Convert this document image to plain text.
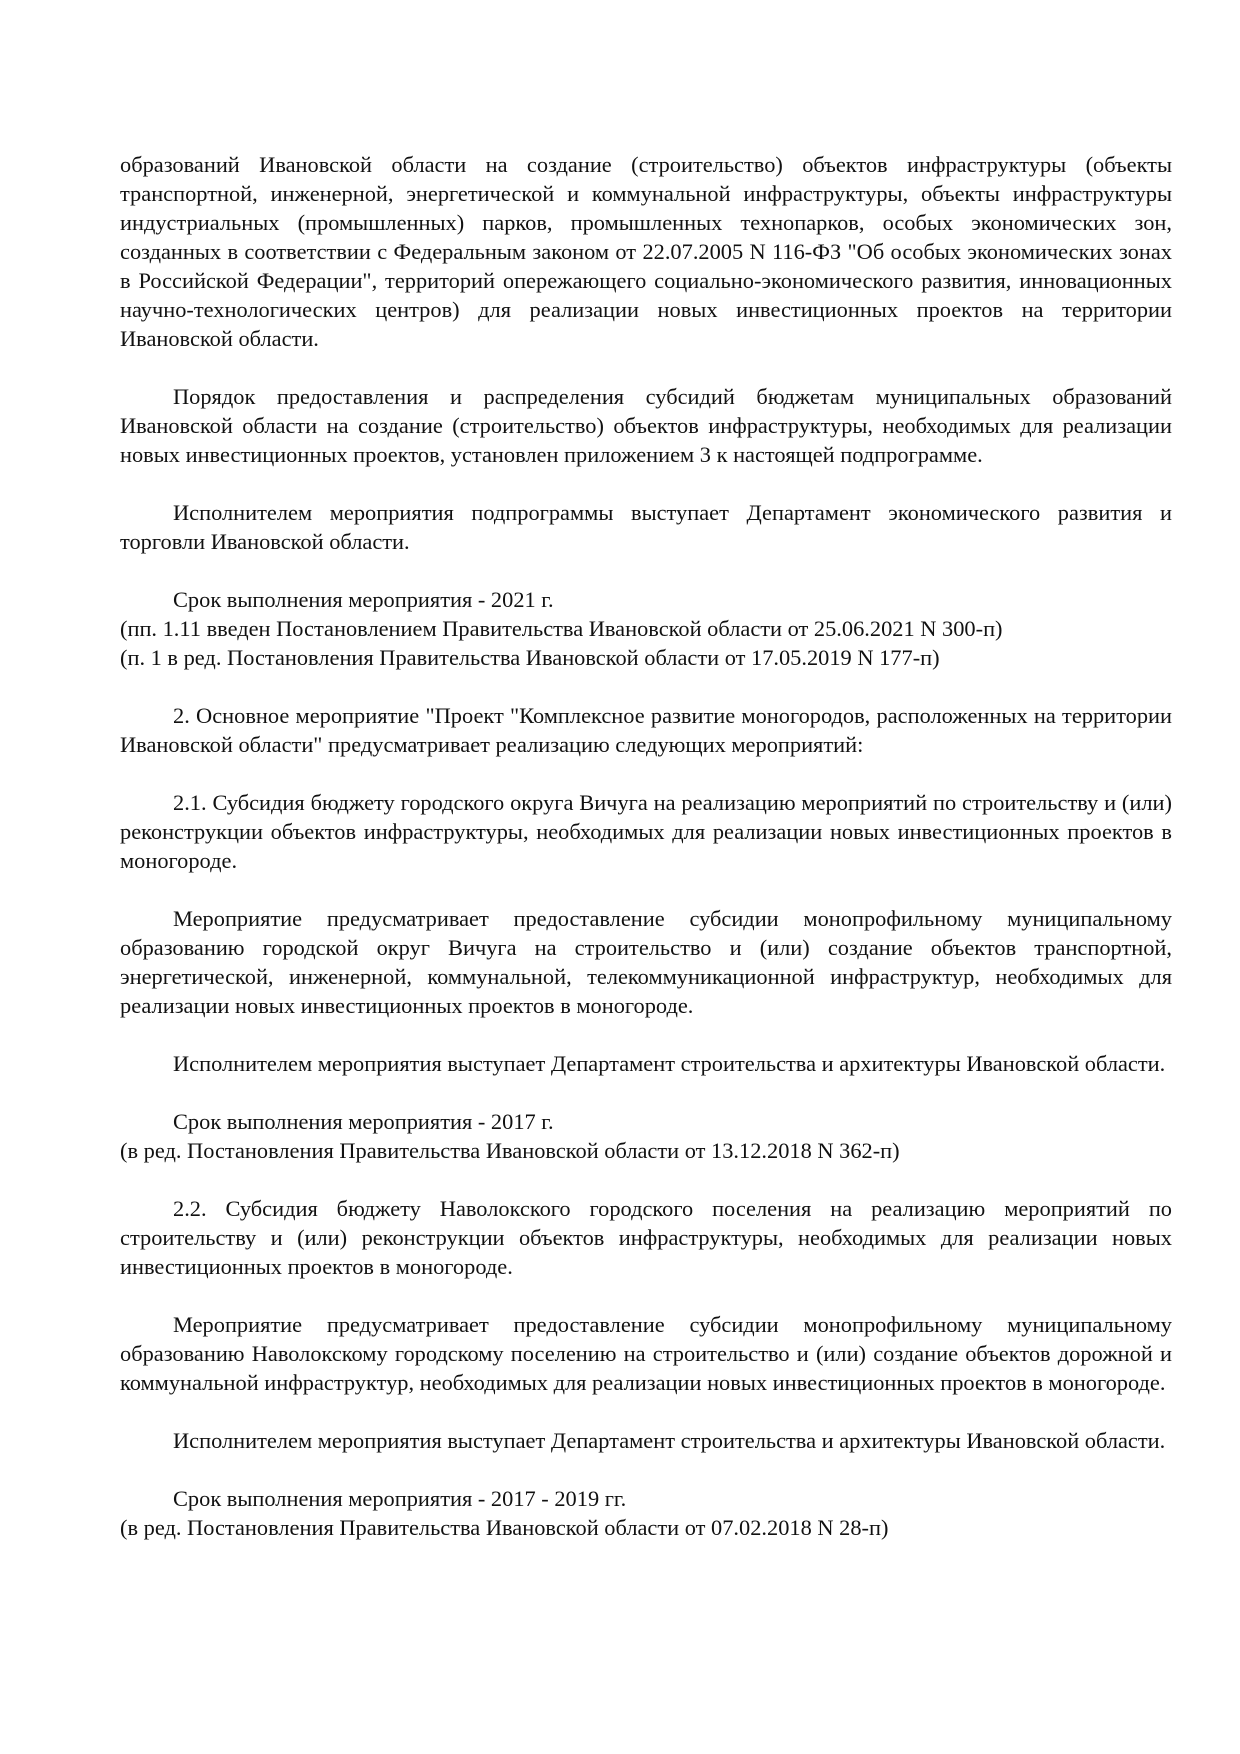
образований Ивановской области на создание (строительство) объектов инфраструктуры (объекты транспортной, инженерной, энергетической и коммунальной инфраструктуры, объекты инфраструктуры индустриальных (промышленных) парков, промышленных технопарков, особых экономических зон, созданных в соответствии с Федеральным законом от 22.07.2005 N 116-ФЗ "Об особых экономических зонах в Российской Федерации", территорий опережающего социально-экономического развития, инновационных научно-технологических центров) для реализации новых инвестиционных проектов на территории Ивановской области.

Порядок предоставления и распределения субсидий бюджетам муниципальных образований Ивановской области на создание (строительство) объектов инфраструктуры, необходимых для реализации новых инвестиционных проектов, установлен приложением 3 к настоящей подпрограмме.

Исполнителем мероприятия подпрограммы выступает Департамент экономического развития и торговли Ивановской области.

Срок выполнения мероприятия - 2021 г.

(пп. 1.11 введен Постановлением Правительства Ивановской области от 25.06.2021 N 300-п)

(п. 1 в ред. Постановления Правительства Ивановской области от 17.05.2019 N 177-п)

2. Основное мероприятие "Проект "Комплексное развитие моногородов, расположенных на территории Ивановской области" предусматривает реализацию следующих мероприятий:

2.1. Субсидия бюджету городского округа Вичуга на реализацию мероприятий по строительству и (или) реконструкции объектов инфраструктуры, необходимых для реализации новых инвестиционных проектов в моногороде.

Мероприятие предусматривает предоставление субсидии монопрофильному муниципальному образованию городской округ Вичуга на строительство и (или) создание объектов транспортной, энергетической, инженерной, коммунальной, телекоммуникационной инфраструктур, необходимых для реализации новых инвестиционных проектов в моногороде.

Исполнителем мероприятия выступает Департамент строительства и архитектуры Ивановской области.

Срок выполнения мероприятия - 2017 г.

(в ред. Постановления Правительства Ивановской области от 13.12.2018 N 362-п)

2.2. Субсидия бюджету Наволокского городского поселения на реализацию мероприятий по строительству и (или) реконструкции объектов инфраструктуры, необходимых для реализации новых инвестиционных проектов в моногороде.

Мероприятие предусматривает предоставление субсидии монопрофильному муниципальному образованию Наволокскому городскому поселению на строительство и (или) создание объектов дорожной и коммунальной инфраструктур, необходимых для реализации новых инвестиционных проектов в моногороде.

Исполнителем мероприятия выступает Департамент строительства и архитектуры Ивановской области.

Срок выполнения мероприятия - 2017 - 2019 гг.

(в ред. Постановления Правительства Ивановской области от 07.02.2018 N 28-п)
